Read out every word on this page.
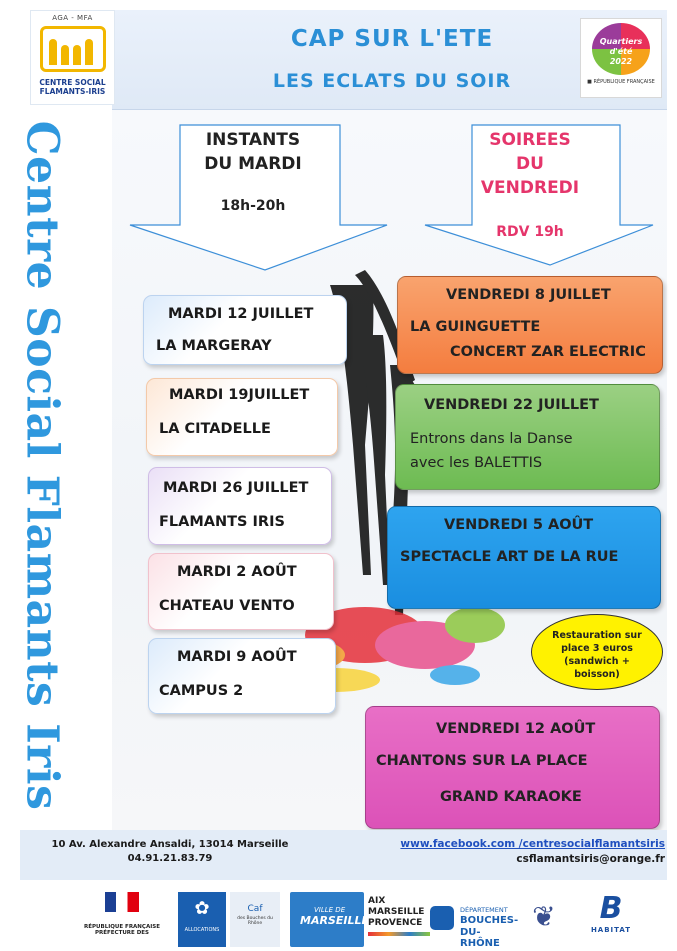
AGA - MFA
CENTRE SOCIAL
FLAMANTS-IRIS
CAP SUR L'ETE
LES ECLATS DU SOIR
Quartiers d'été
2022
■ RÉPUBLIQUE FRANÇAISE
Centre Social Flamants Iris	INSTANTS
DU MARDI
18h-20h
SOIREES
DU
VENDREDI
RDV 19h
MARDI 12 JUILLET
LA MARGERAY
MARDI 19JUILLET
LA CITADELLE
MARDI 26 JUILLET
FLAMANTS IRIS
MARDI 2 AOÛT
CHATEAU VENTO
MARDI 9 AOÛT
CAMPUS 2
VENDREDI 8 JUILLET
LA GUINGUETTE
CONCERT ZAR ELECTRIC
VENDREDI 22 JUILLET
Entrons dans la Danse
avec les BALETTIS
VENDREDI 5 AOÛT
SPECTACLE ART DE LA RUE
VENDREDI 12 AOÛT
CHANTONS SUR LA PLACE
GRAND KARAOKE
Restauration sur
place 3 euros
(sandwich +
boisson)
10 Av. Alexandre Ansaldi, 13014 Marseille
04.91.21.83.79
www.facebook.com /centresocialflamantsiris
csflamantsiris@orange.fr
RÉPUBLIQUE FRANÇAISE
PRÉFECTURE DES
✿
ALLOCATIONS
Caf
des Bouches du Rhône
VILLE DE
MARSEILLE
AIX
MARSEILLE
PROVENCE
DÉPARTEMENT
BOUCHES-
DU-RHÔNE
❦	B
HABITAT
